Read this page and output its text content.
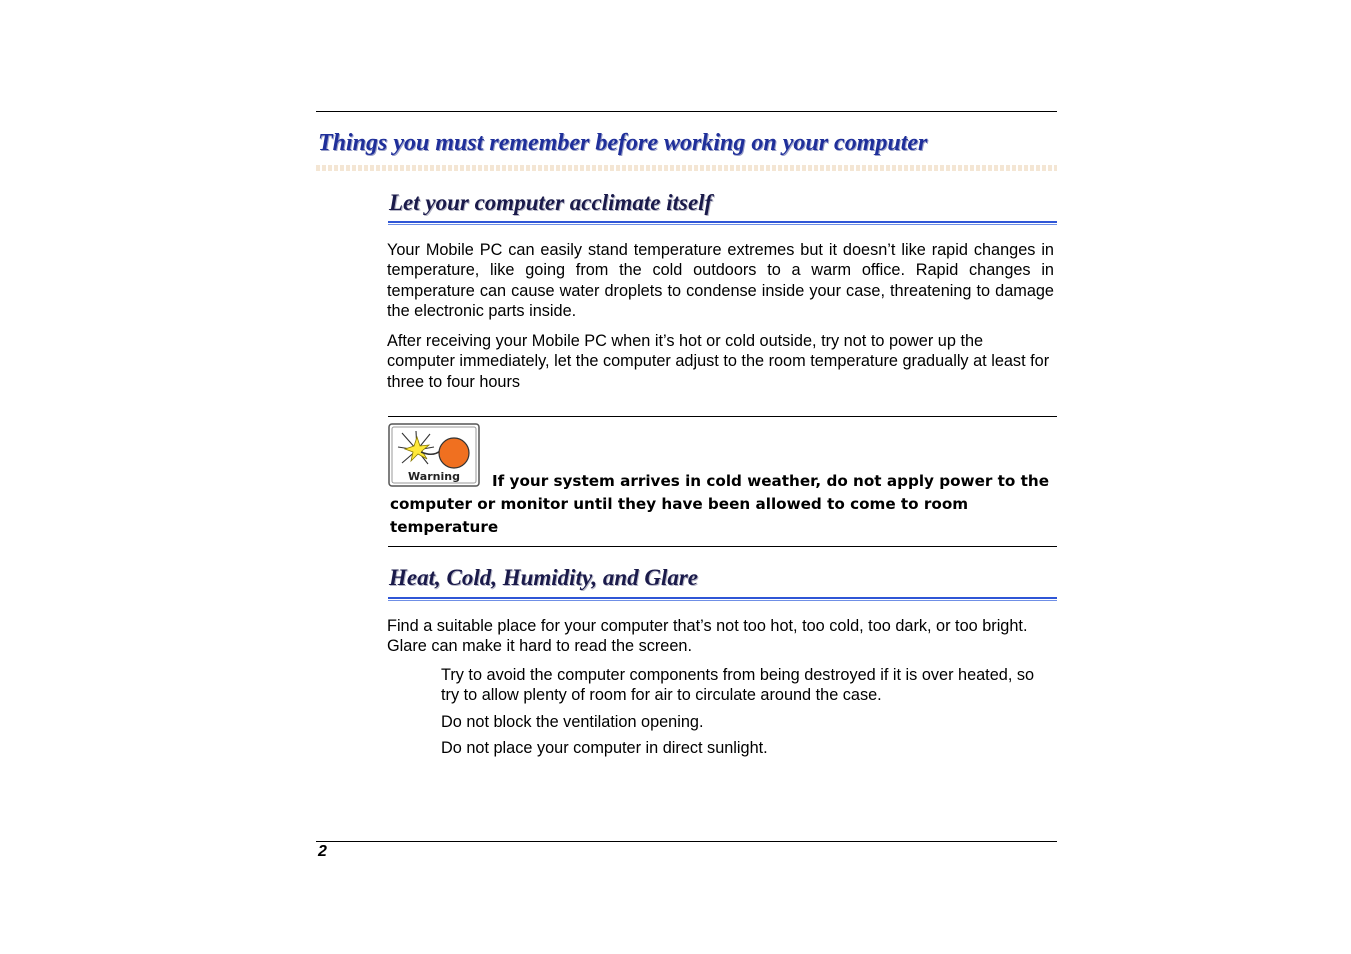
Things you must remember before working on your computer
Let your computer acclimate itself

Your Mobile PC can easily stand temperature extremes but it doesn’t like rapid changes in temperature, like going from the cold outdoors to a warm office. Rapid changes in temperature can cause water droplets to condense inside your case, threatening to damage the electronic parts inside.

After receiving your Mobile PC when it’s hot or cold outside, try not to power up the computer immediately, let the computer adjust to the room temperature gradually at least for three to four hours

Warning	If your system arrives in cold weather, do not apply power to the computer or monitor until they have been allowed to come to room temperature

Heat, Cold, Humidity, and Glare

Find a suitable place for your computer that’s not too hot, too cold, too dark, or too bright. Glare can make it hard to read the screen.

Try to avoid the computer components from being destroyed if it is over heated, so try to allow plenty of room for air to circulate around the case.

Do not block the ventilation opening.

Do not place your computer in direct sunlight.

2
